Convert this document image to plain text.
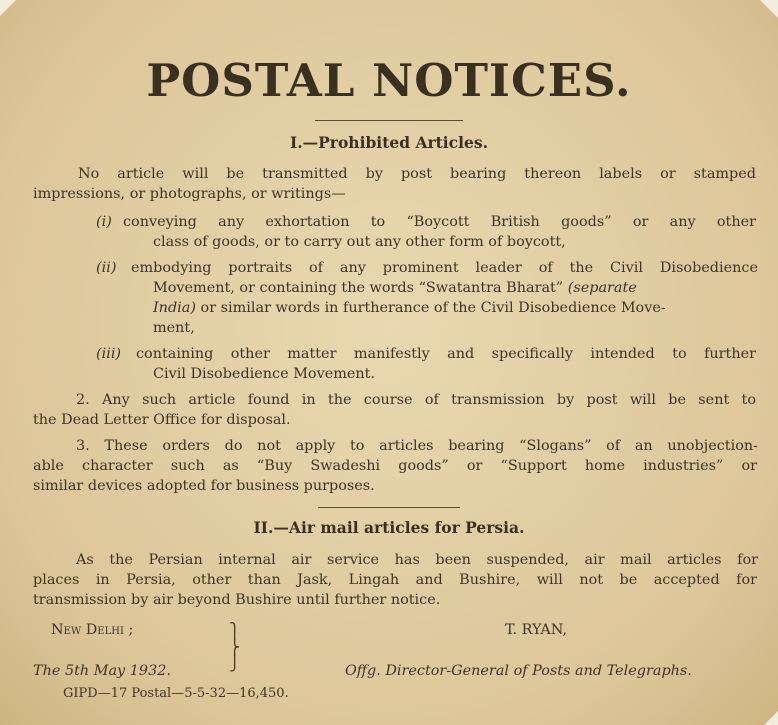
POSTAL NOTICES.
I.—Prohibited Articles.
No article will be transmitted by post bearing thereon labels or stamped
impressions, or photographs, or writings—
(i) conveying any exhortation to “Boycott British goods” or any other
class of goods, or to carry out any other form of boycott,
(ii) embodying portraits of any prominent leader of the Civil Disobedience
Movement, or containing the words “Swatantra Bharat” (separate
India) or similar words in furtherance of the Civil Disobedience Move-
ment,
(iii) containing other matter manifestly and specifically intended to further
Civil Disobedience Movement.
2. Any such article found in the course of transmission by post will be sent to
the Dead Letter Office for disposal.
3. These orders do not apply to articles bearing “Slogans” of an unobjection-
able character such as “Buy Swadeshi goods” or “Support home industries” or
similar devices adopted for business purposes.
II.—Air mail articles for Persia.
As the Persian internal air service has been suspended, air mail articles for
places in Persia, other than Jask, Lingah and Bushire, will not be accepted for
transmission by air beyond Bushire until further notice.
New Delhi ;	T. RYAN,
⎫
⎬
⎭
The 5th May 1932.	Offg. Director-General of Posts and Telegraphs.
GIPD—17 Postal—5-5-32—16,450.
